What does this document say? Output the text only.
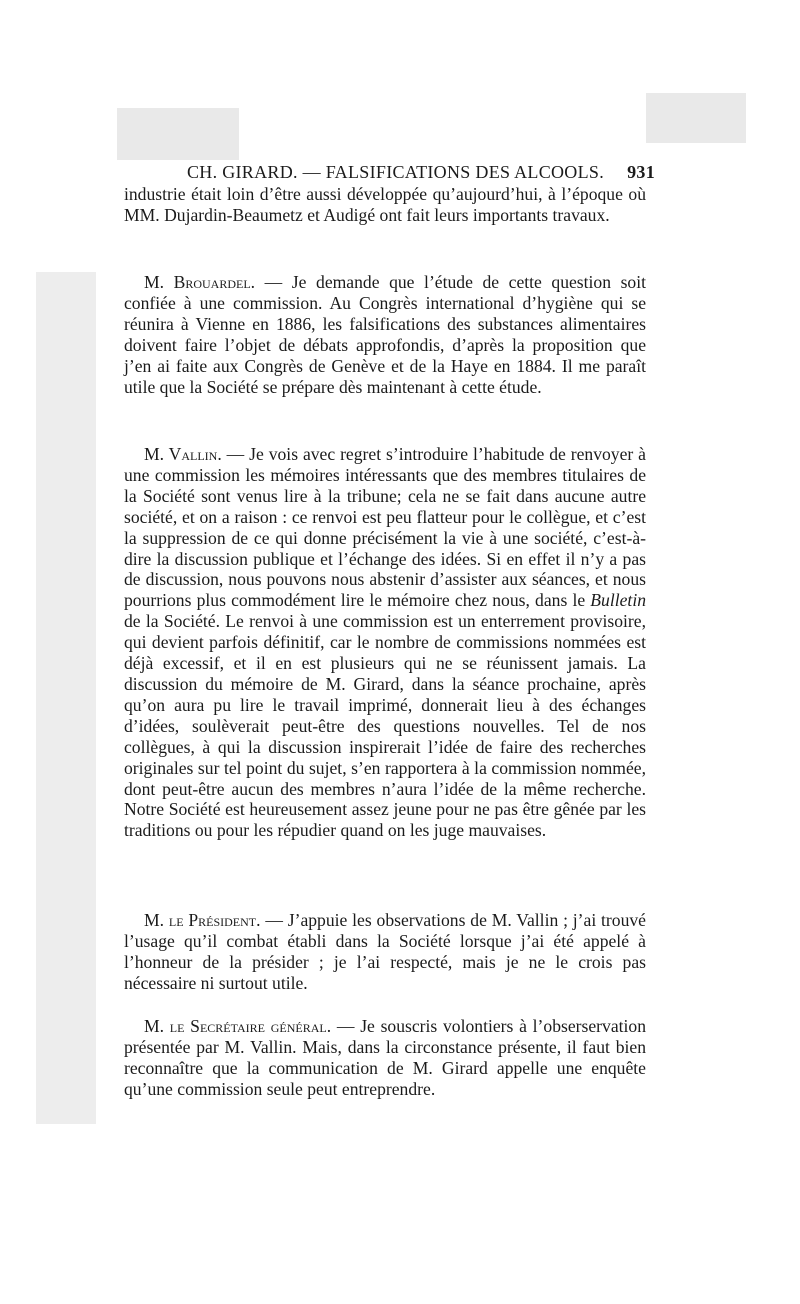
CH. GIRARD. — FALSIFICATIONS DES ALCOOLS. 931
industrie était loin d’être aussi développée qu’aujourd’hui, à l’époque où MM. Dujardin-Beaumetz et Audigé ont fait leurs importants travaux.
M. Brouardel. — Je demande que l’étude de cette question soit confiée à une commission. Au Congrès international d’hygiène qui se réunira à Vienne en 1886, les falsifications des substances alimentaires doivent faire l’objet de débats approfondis, d’après la proposition que j’en ai faite aux Congrès de Genève et de la Haye en 1884. Il me paraît utile que la Société se prépare dès maintenant à cette étude.
M. Vallin. — Je vois avec regret s’introduire l’habitude de renvoyer à une commission les mémoires intéressants que des membres titulaires de la Société sont venus lire à la tribune; cela ne se fait dans aucune autre société, et on a raison : ce renvoi est peu flatteur pour le collègue, et c’est la suppression de ce qui donne précisément la vie à une société, c’est-à-dire la discussion publique et l’échange des idées. Si en effet il n’y a pas de discussion, nous pouvons nous abstenir d’assister aux séances, et nous pourrions plus commodément lire le mémoire chez nous, dans le Bulletin de la Société. Le renvoi à une commission est un enterrement provisoire, qui devient parfois définitif, car le nombre de commissions nommées est déjà excessif, et il en est plusieurs qui ne se réunissent jamais. La discussion du mémoire de M. Girard, dans la séance prochaine, après qu’on aura pu lire le travail imprimé, donnerait lieu à des échanges d’idées, soulèverait peut-être des questions nouvelles. Tel de nos collègues, à qui la discussion inspirerait l’idée de faire des recherches originales sur tel point du sujet, s’en rapportera à la commission nommée, dont peut-être aucun des membres n’aura l’idée de la même recherche. Notre Société est heureusement assez jeune pour ne pas être gênée par les traditions ou pour les répudier quand on les juge mauvaises.
M. le Président. — J’appuie les observations de M. Vallin ; j’ai trouvé l’usage qu’il combat établi dans la Société lorsque j’ai été appelé à l’honneur de la présider ; je l’ai respecté, mais je ne le crois pas nécessaire ni surtout utile.
M. le Secrétaire général. — Je souscris volontiers à l’obserservation présentée par M. Vallin. Mais, dans la circonstance présente, il faut bien reconnaître que la communication de M. Girard appelle une enquête qu’une commission seule peut entreprendre.
